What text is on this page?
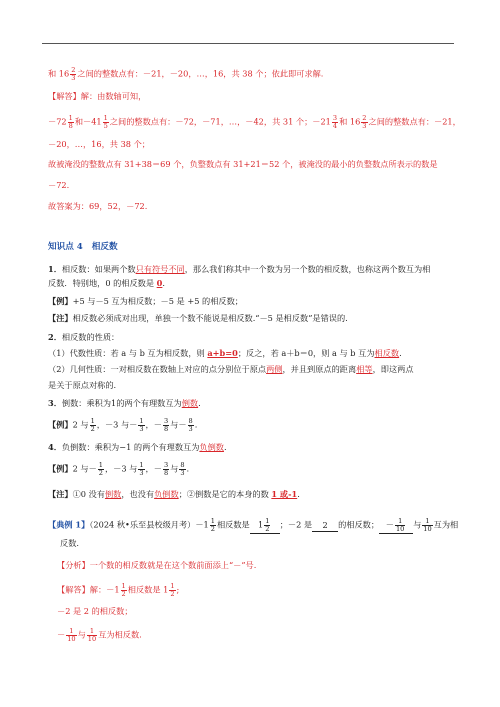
和 $16 \frac{2}{3}$ 之间的整数点有：－21，－20，…，16，共 38 个；依此即可求解.
【解答】解：由数轴可知，
$-72 \frac{1}{8}$ 和$-41 \frac{1}{5}$ 之间的整数点有：－72，－71，…，－42，共 31 个；$-21 \frac{3}{4}$ 和 $16 \frac{2}{3}$ 之间的整数点有：－21，
－20，…，16，共 38 个；
故被淹没的整数点有 31+38＝69 个，负整数点有 31+21＝52 个，被淹没的最小的负整数点所表示的数是
－72.
故答案为：69，52，－72.
知识点 4 相反数
1．相反数：如果两个数只有符号不同，那么我们称其中一个数为另一个数的相反数，也称这两个数互为相
反数．特别地，0 的相反数是 0.
【例】+5 与－5 互为相反数；－5 是 +5 的相反数；
【注】相反数必须成对出现，单独一个数不能说是相反数.“－5 是相反数”是错误的.
2．相反数的性质：
（1）代数性质：若 a 与 b 互为相反数，则 a+b=0；反之，若 a＋b＝0，则 a 与 b 互为相反数.
（2）几何性质：一对相反数在数轴上对应的点分别位于原点两侧，并且到原点的距离相等，即这两点
是关于原点对称的.
3．倒数：乘积为1的两个有理数互为倒数.
【例】2 与 $\frac{1}{2}$ ，－3 与－ $\frac{1}{3}$ ，－ $\frac{3}{8}$ 与－ $\frac{8}{3}$ .
4．负倒数：乘积为−1 的两个有理数互为负倒数.
【例】2 与－ $\frac{1}{2}$ ，－3 与 $\frac{1}{3}$ ，－ $\frac{3}{8}$ 与 $\frac{8}{3}$ .
【注】①0 没有倒数，也没有负倒数；②倒数是它的本身的数 1 或-1.
【典例 1】（2024 秋•乐至县校级月考）$-1 \frac{1}{2}$ 相反数是 $1 \frac{1}{2}$ ；－2 是 2 的相反数； － $\frac{1}{10}$ 与 $\frac{1}{10}$ 互为相
反数.
【分析】一个数的相反数就是在这个数前面添上“－”号.
【解答】解：$-1 \frac{1}{2}$ 相反数是 $1 \frac{1}{2}$ ;
－2 是 2 的相反数；
－ $\frac{1}{10}$ 与 $\frac{1}{10}$ 互为相反数.
